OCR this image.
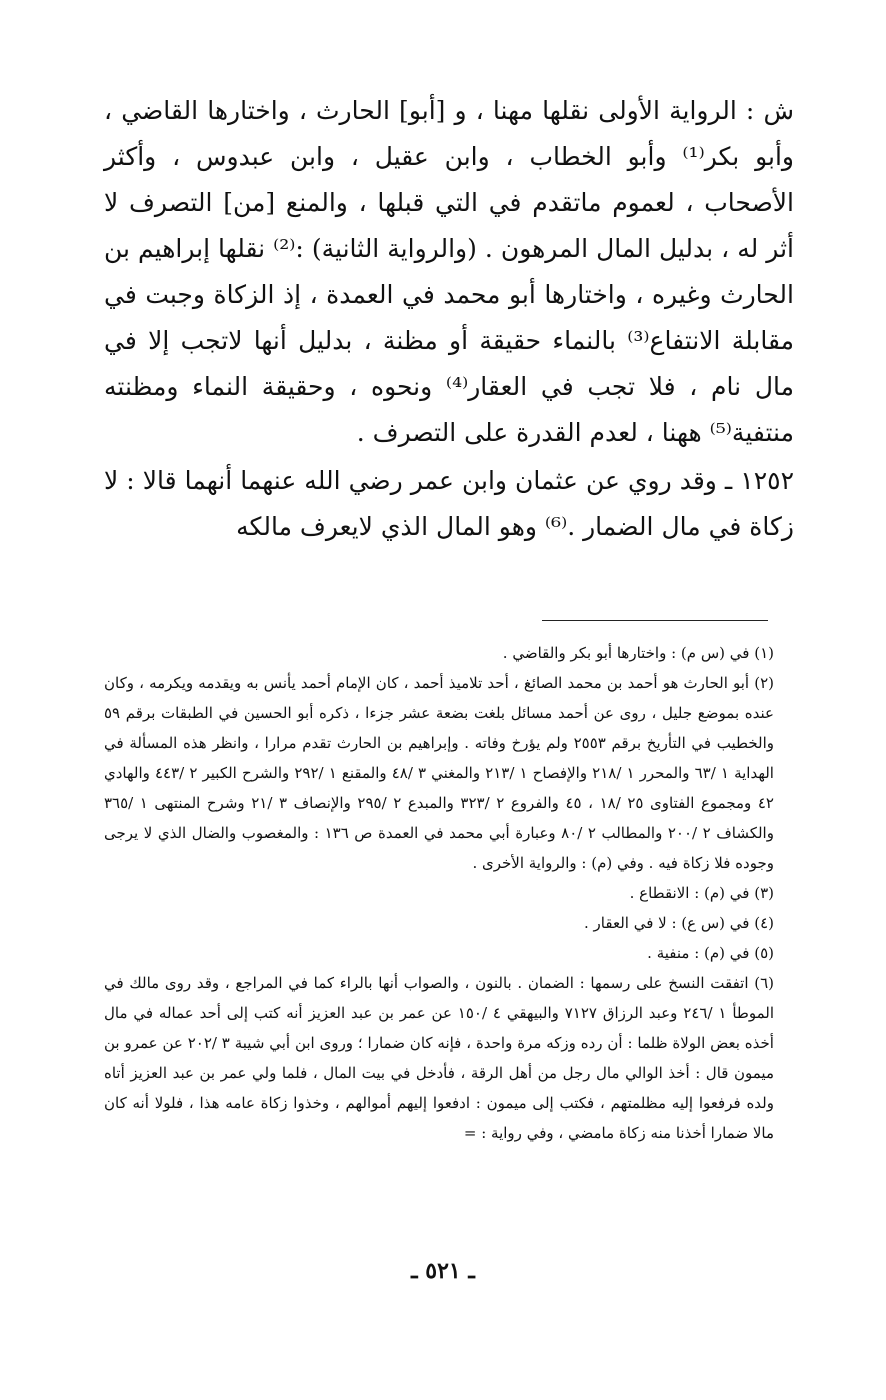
ش : الرواية الأولى نقلها مهنا ، و [أبو] الحارث ، واختارها القاضي ، وأبو بكر⁽¹⁾ وأبو الخطاب ، وابن عقيل ، وابن عبدوس ، وأكثر الأصحاب ، لعموم ماتقدم في التي قبلها ، والمنع [من] التصرف لا أثر له ، بدليل المال المرهون . (والرواية الثانية) :⁽²⁾ نقلها إبراهيم بن الحارث وغيره ، واختارها أبو محمد في العمدة ، إذ الزكاة وجبت في مقابلة الانتفاع⁽³⁾ بالنماء حقيقة أو مظنة ، بدليل أنها لاتجب إلا في مال نام ، فلا تجب في العقار⁽⁴⁾ ونحوه ، وحقيقة النماء ومظنته منتفية⁽⁵⁾ ههنا ، لعدم القدرة على التصرف .

١٢٥٢ ـ وقد روي عن عثمان وابن عمر رضي الله عنهما أنهما قالا : لا زكاة في مال الضمار .⁽⁶⁾ وهو المال الذي لايعرف مالكه

(١) في (س م) : واختارها أبو بكر والقاضي .

(٢) أبو الحارث هو أحمد بن محمد الصائغ ، أحد تلاميذ أحمد ، كان الإمام أحمد يأنس به ويقدمه ويكرمه ، وكان عنده بموضع جليل ، روى عن أحمد مسائل بلغت بضعة عشر جزءا ، ذكره أبو الحسين في الطبقات برقم ٥٩ والخطيب في التأريخ برقم ٢٥٥٣ ولم يؤرخ وفاته . وإبراهيم بن الحارث تقدم مرارا ، وانظر هذه المسألة في الهداية ١ /٦٣ والمحرر ١ /٢١٨ والإفصاح ١ /٢١٣ والمغني ٣ /٤٨ والمقنع ١ /٢٩٢ والشرح الكبير ٢ /٤٤٣ والهادي ٤٢ ومجموع الفتاوى ٢٥ /١٨ ، ٤٥ والفروع ٢ /٣٢٣ والمبدع ٢ /٢٩٥ والإنصاف ٣ /٢١ وشرح المنتهى ١ /٣٦٥ والكشاف ٢ /٢٠٠ والمطالب ٢ /٨٠ وعبارة أبي محمد في العمدة ص ١٣٦ : والمغصوب والضال الذي لا يرجى وجوده فلا زكاة فيه . وفي (م) : والرواية الأخرى .

(٣) في (م) : الانقطاع .

(٤) في (س ع) : لا في العقار .

(٥) في (م) : منفية .

(٦) اتفقت النسخ على رسمها : الضمان . بالنون ، والصواب أنها بالراء كما في المراجع ، وقد روى مالك في الموطأ ١ /٢٤٦ وعبد الرزاق ٧١٢٧ والبيهقي ٤ /١٥٠ عن عمر بن عبد العزيز أنه كتب إلى أحد عماله في مال أخذه بعض الولاة ظلما : أن رده وزكه مرة واحدة ، فإنه كان ضمارا ؛ وروى ابن أبي شيبة ٣ /٢٠٢ عن عمرو بن ميمون قال : أخذ الوالي مال رجل من أهل الرقة ، فأدخل في بيت المال ، فلما ولي عمر بن عبد العزيز أتاه ولده فرفعوا إليه مظلمتهم ، فكتب إلى ميمون : ادفعوا إليهم أموالهم ، وخذوا زكاة عامه هذا ، فلولا أنه كان مالا ضمارا أخذنا منه زكاة مامضي ، وفي رواية : =

ـ ٥٢١ ـ
